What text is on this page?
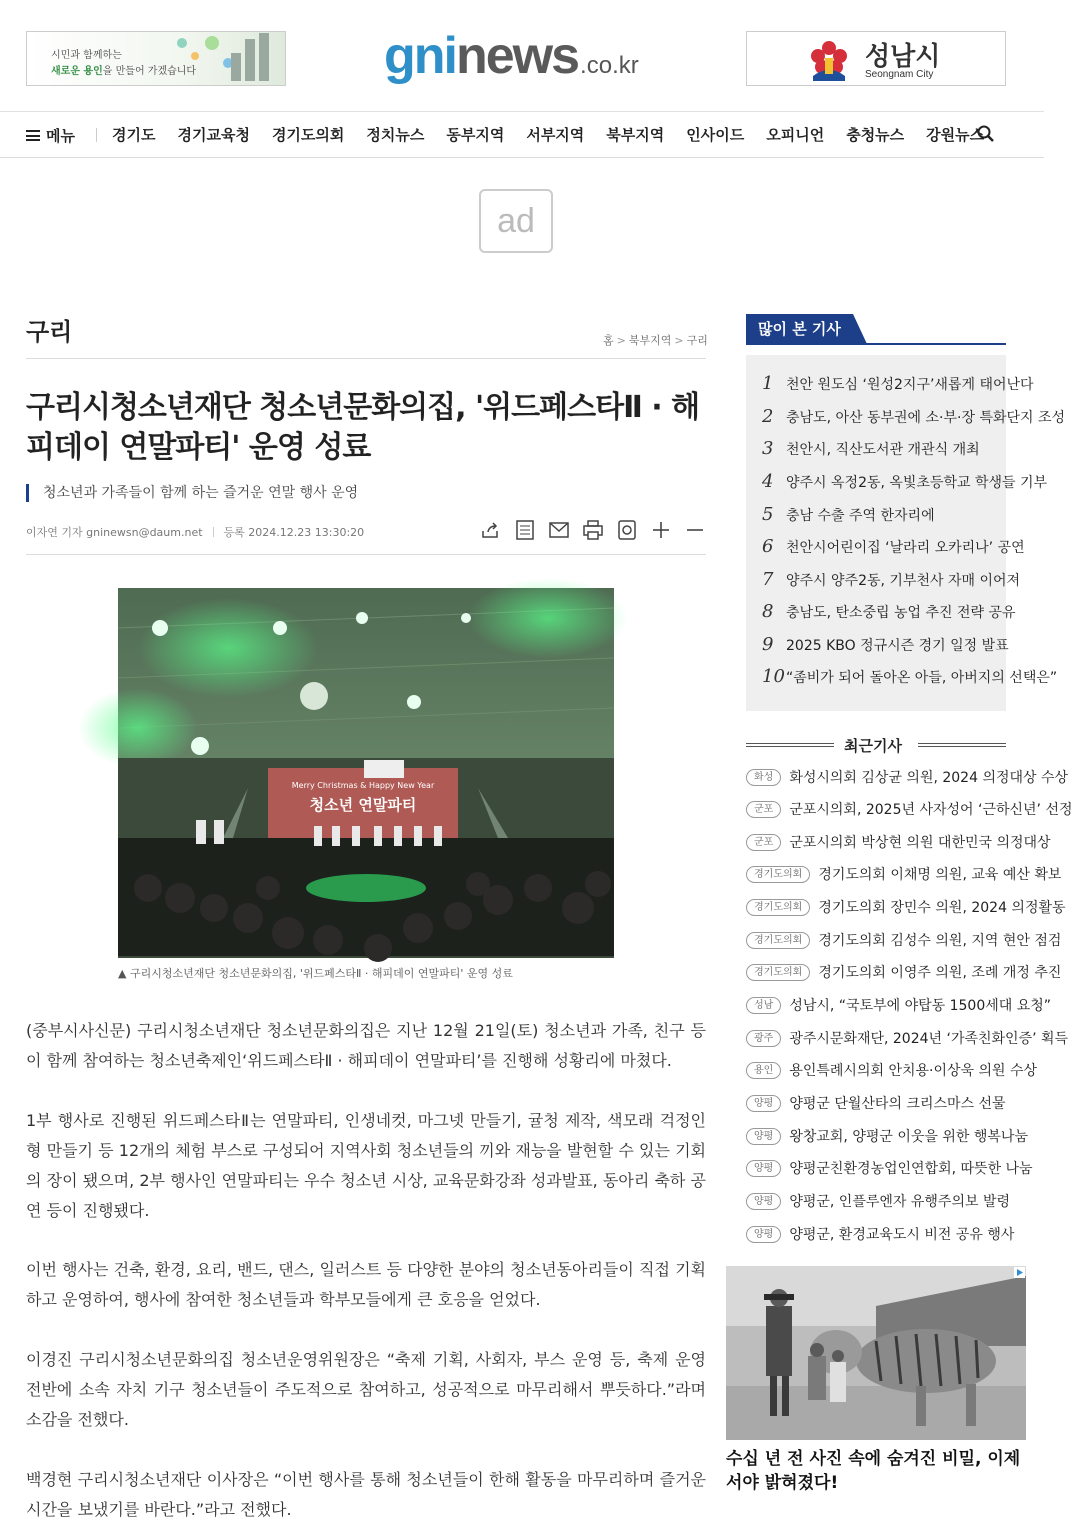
시민과 함께하는
새로운 용인을 만들어 가겠습니다	gni news .co.kr	성남시
Seongnam City
메뉴 경기도 경기교육청 경기도의회 정치뉴스 동부지역 서부지역 북부지역 인사이드 오피니언 충청뉴스 강원뉴스
ad
구리	홈 > 북부지역 > 구리
구리시청소년재단 청소년문화의집, '위드페스타Ⅱ · 해피데이 연말파티' 운영 성료
청소년과 가족들이 함께 하는 즐거운 연말 행사 운영
이자연 기자 gninewsn@daum.net 등록 2024.12.23 13:30:20
Merry Christmas & Happy New Year
청소년 연말파티
▲ 구리시청소년재단 청소년문화의집, '위드페스타Ⅱ · 해피데이 연말파티' 운영 성료

(중부시사신문) 구리시청소년재단 청소년문화의집은 지난 12월 21일(토) 청소년과 가족, 친구 등이 함께 참여하는 청소년축제인‘위드페스타Ⅱ · 해피데이 연말파티’를 진행해 성황리에 마쳤다.

1부 행사로 진행된 위드페스타Ⅱ는 연말파티, 인생네컷, 마그넷 만들기, 귤청 제작, 색모래 걱정인형 만들기 등 12개의 체험 부스로 구성되어 지역사회 청소년들의 끼와 재능을 발현할 수 있는 기회의 장이 됐으며, 2부 행사인 연말파티는 우수 청소년 시상, 교육문화강좌 성과발표, 동아리 축하 공연 등이 진행됐다.

이번 행사는 건축, 환경, 요리, 밴드, 댄스, 일러스트 등 다양한 분야의 청소년동아리들이 직접 기획하고 운영하여, 행사에 참여한 청소년들과 학부모들에게 큰 호응을 얻었다.

이경진 구리시청소년문화의집 청소년운영위원장은 “축제 기획, 사회자, 부스 운영 등, 축제 운영 전반에 소속 자치 기구 청소년들이 주도적으로 참여하고, 성공적으로 마무리해서 뿌듯하다.”라며 소감을 전했다.

백경현 구리시청소년재단 이사장은 “이번 행사를 통해 청소년들이 한해 활동을 마무리하며 즐거운 시간을 보냈기를 바란다.”라고 전했다.

많이 본 기사
1 천안 원도심 ‘원성2지구’새롭게 태어난다
2 충남도, 아산 동부권에 소·부·장 특화단지 조성
3 천안시, 직산도서관 개관식 개최
4 양주시 옥정2동, 옥빛초등학교 학생들 기부
5 충남 수출 주역 한자리에
6 천안시어린이집 ‘날라리 오카리나’ 공연
7 양주시 양주2동, 기부천사 자매 이어져
8 충남도, 탄소중립 농업 추진 전략 공유
9 2025 KBO 정규시즌 경기 일정 발표
10 “좀비가 되어 돌아온 아들, 아버지의 선택은”
최근기사
화성	화성시의회 김상균 의원, 2024 의정대상 수상
군포	군포시의회, 2025년 사자성어 ‘근하신년’ 선정
군포	군포시의회 박상현 의원 대한민국 의정대상
경기도의회	경기도의회 이채명 의원, 교육 예산 확보
경기도의회	경기도의회 장민수 의원, 2024 의정활동
경기도의회	경기도의회 김성수 의원, 지역 현안 점검
경기도의회	경기도의회 이영주 의원, 조례 개정 추진
성남	성남시, “국토부에 야탑동 1500세대 요청”
광주	광주시문화재단, 2024년 ‘가족친화인증’ 획득
용인	용인특례시의회 안치용·이상욱 의원 수상
양평	양평군 단월산타의 크리스마스 선물
양평	왕창교회, 양평군 이웃을 위한 행복나눔
양평	양평군친환경농업인연합회, 따뜻한 나눔
양평	양평군, 인플루엔자 유행주의보 발령
양평	양평군, 환경교육도시 비전 공유 행사
수십 년 전 사진 속에 숨겨진 비밀, 이제서야 밝혀졌다!
